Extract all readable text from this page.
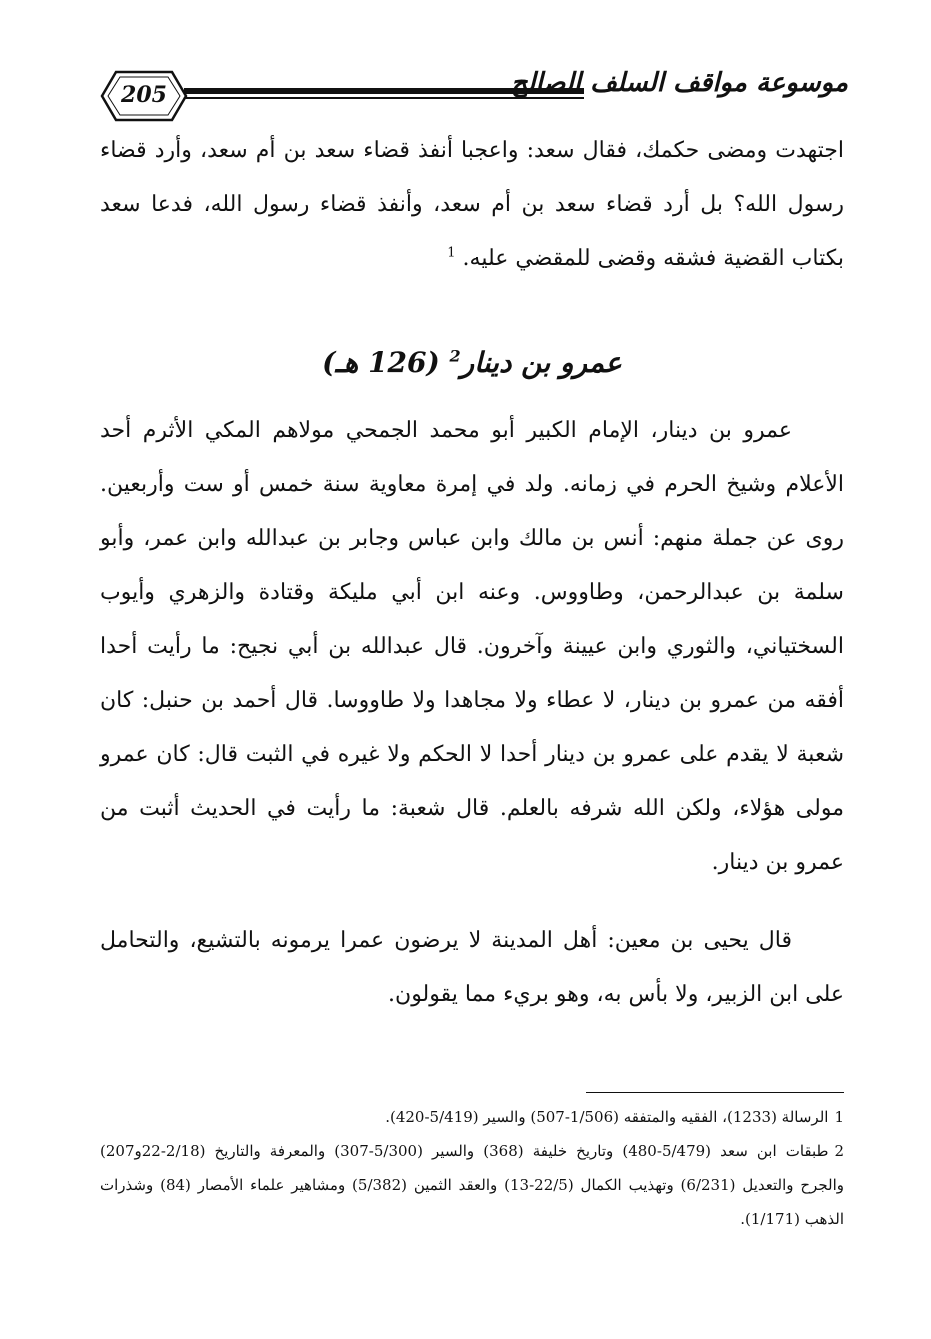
205	موسوعة مواقف السلف الصالح
اجتهدت ومضى حكمك، فقال سعد: واعجبا أنفذ قضاء سعد بن أم سعد، وأرد قضاء رسول الله؟ بل أرد قضاء سعد بن أم سعد، وأنفذ قضاء رسول الله، فدعا سعد بكتاب القضية فشقه وقضى للمقضي عليه. $^1$
عمرو بن دينار$^2$ (126 هـ)
عمرو بن دينار، الإمام الكبير أبو محمد الجمحي مولاهم المكي الأثرم أحد الأعلام وشيخ الحرم في زمانه. ولد في إمرة معاوية سنة خمس أو ست وأربعين. روى عن جملة منهم: أنس بن مالك وابن عباس وجابر بن عبدالله وابن عمر، وأبو سلمة بن عبدالرحمن، وطاووس. وعنه ابن أبي مليكة وقتادة والزهري وأيوب السختياني، والثوري وابن عيينة وآخرون. قال عبدالله بن أبي نجيح: ما رأيت أحدا أفقه من عمرو بن دينار، لا عطاء ولا مجاهدا ولا طاووسا. قال أحمد بن حنبل: كان شعبة لا يقدم على عمرو بن دينار أحدا لا الحكم ولا غيره في الثبت قال: كان عمرو مولى هؤلاء، ولكن الله شرفه بالعلم. قال شعبة: ما رأيت في الحديث أثبت من عمرو بن دينار.
قال يحيى بن معين: أهل المدينة لا يرضون عمرا يرمونه بالتشيع، والتحامل على ابن الزبير، ولا بأس به، وهو بريء مما يقولون.
1الرسالة (1233)، الفقيه والمتفقه (1/506-507) والسير (5/419-420).
2طبقات ابن سعد (5/479-480) وتاريخ خليفة (368) والسير (5/300-307) والمعرفة والتاريخ (2/18-22و207) والجرح والتعديل (6/231) وتهذيب الكمال (22/5-13) والعقد الثمين (5/382) ومشاهير علماء الأمصار (84) وشذرات الذهب (1/171).
